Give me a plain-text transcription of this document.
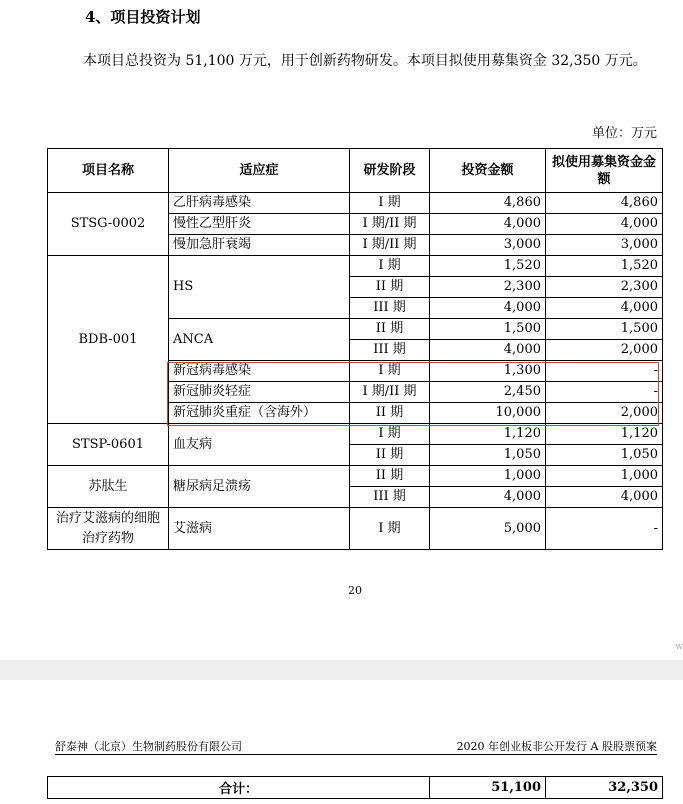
4、项目投资计划
本项目总投资为 51,100 万元，用于创新药物研发。本项目拟使用募集资金 32,350 万元。
单位：万元
项目名称	适应症	研发阶段	投资金额	拟使用募集资金金额
STSG-0002	乙肝病毒感染	I 期	4,860	4,860
	慢性乙型肝炎	I 期/II 期	4,000	4,000
	慢加急肝衰竭	I 期/II 期	3,000	3,000
BDB-001	HS	I 期	1,520	1,520
		II 期	2,300	2,300
		III 期	4,000	4,000
	ANCA	II 期	1,500	1,500
		III 期	4,000	2,000
	新冠病毒感染	I 期	1,300	-
	新冠肺炎轻症	I 期/II 期	2,450	-
	新冠肺炎重症（含海外）	II 期	10,000	2,000
STSP-0601	血友病	I 期	1,120	1,120
		II 期	1,050	1,050
苏肽生	糖尿病足溃疡	II 期	1,000	1,000
		III 期	4,000	4,000
治疗艾滋病的细胞治疗药物	艾滋病	I 期	5,000	-
20
w
舒泰神（北京）生物制药股份有限公司	2020 年创业板非公开发行 A 股股票预案
合计：	51,100	32,350
